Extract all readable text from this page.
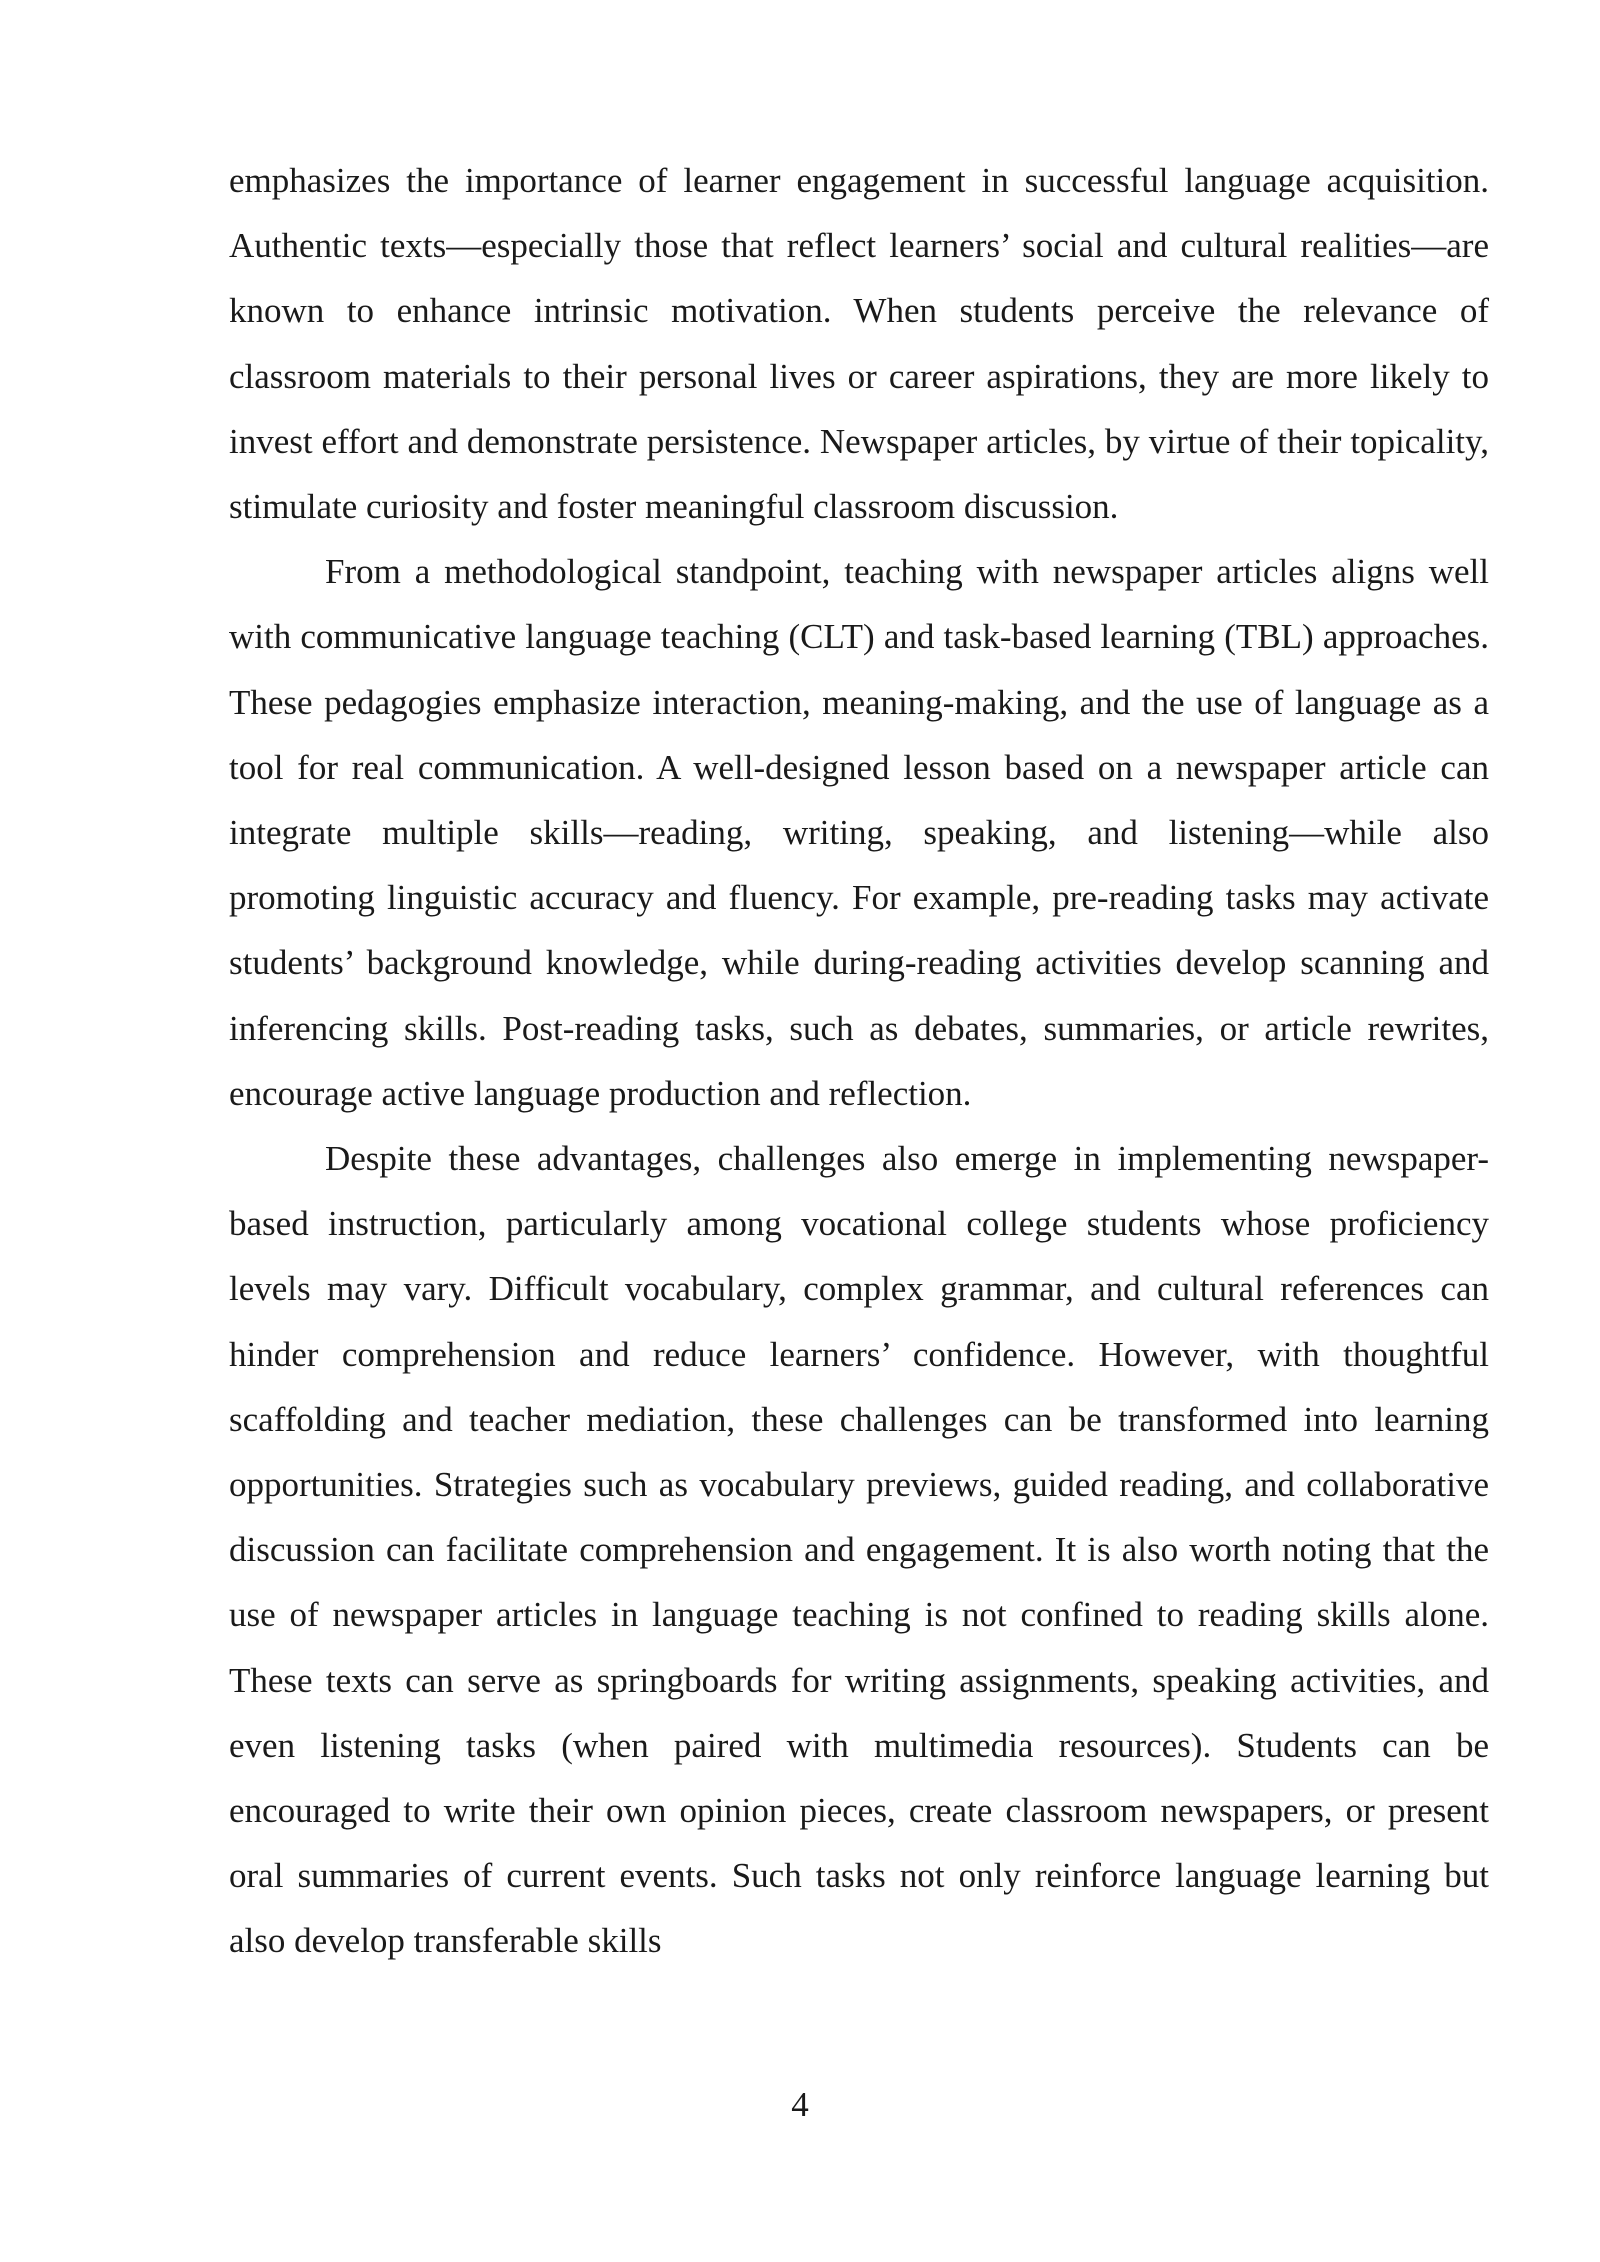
emphasizes the importance of learner engagement in successful language acquisition. Authentic texts—especially those that reflect learners’ social and cultural realities—are known to enhance intrinsic motivation. When students perceive the relevance of classroom materials to their personal lives or career aspirations, they are more likely to invest effort and demonstrate persistence. Newspaper articles, by virtue of their topicality, stimulate curiosity and foster meaningful classroom discussion.

From a methodological standpoint, teaching with newspaper articles aligns well with communicative language teaching (CLT) and task-based learning (TBL) approaches. These pedagogies emphasize interaction, meaning-making, and the use of language as a tool for real communication. A well-designed lesson based on a newspaper article can integrate multiple skills—reading, writing, speaking, and listening—while also promoting linguistic accuracy and fluency. For example, pre-reading tasks may activate students’ background knowledge, while during-reading activities develop scanning and inferencing skills. Post-reading tasks, such as debates, summaries, or article rewrites, encourage active language production and reflection.

Despite these advantages, challenges also emerge in implementing newspaper-based instruction, particularly among vocational college students whose proficiency levels may vary. Difficult vocabulary, complex grammar, and cultural references can hinder comprehension and reduce learners’ confidence. However, with thoughtful scaffolding and teacher mediation, these challenges can be transformed into learning opportunities. Strategies such as vocabulary previews, guided reading, and collaborative discussion can facilitate comprehension and engagement. It is also worth noting that the use of newspaper articles in language teaching is not confined to reading skills alone. These texts can serve as springboards for writing assignments, speaking activities, and even listening tasks (when paired with multimedia resources). Students can be encouraged to write their own opinion pieces, create classroom newspapers, or present oral summaries of current events. Such tasks not only reinforce language learning but also develop transferable skills

4
